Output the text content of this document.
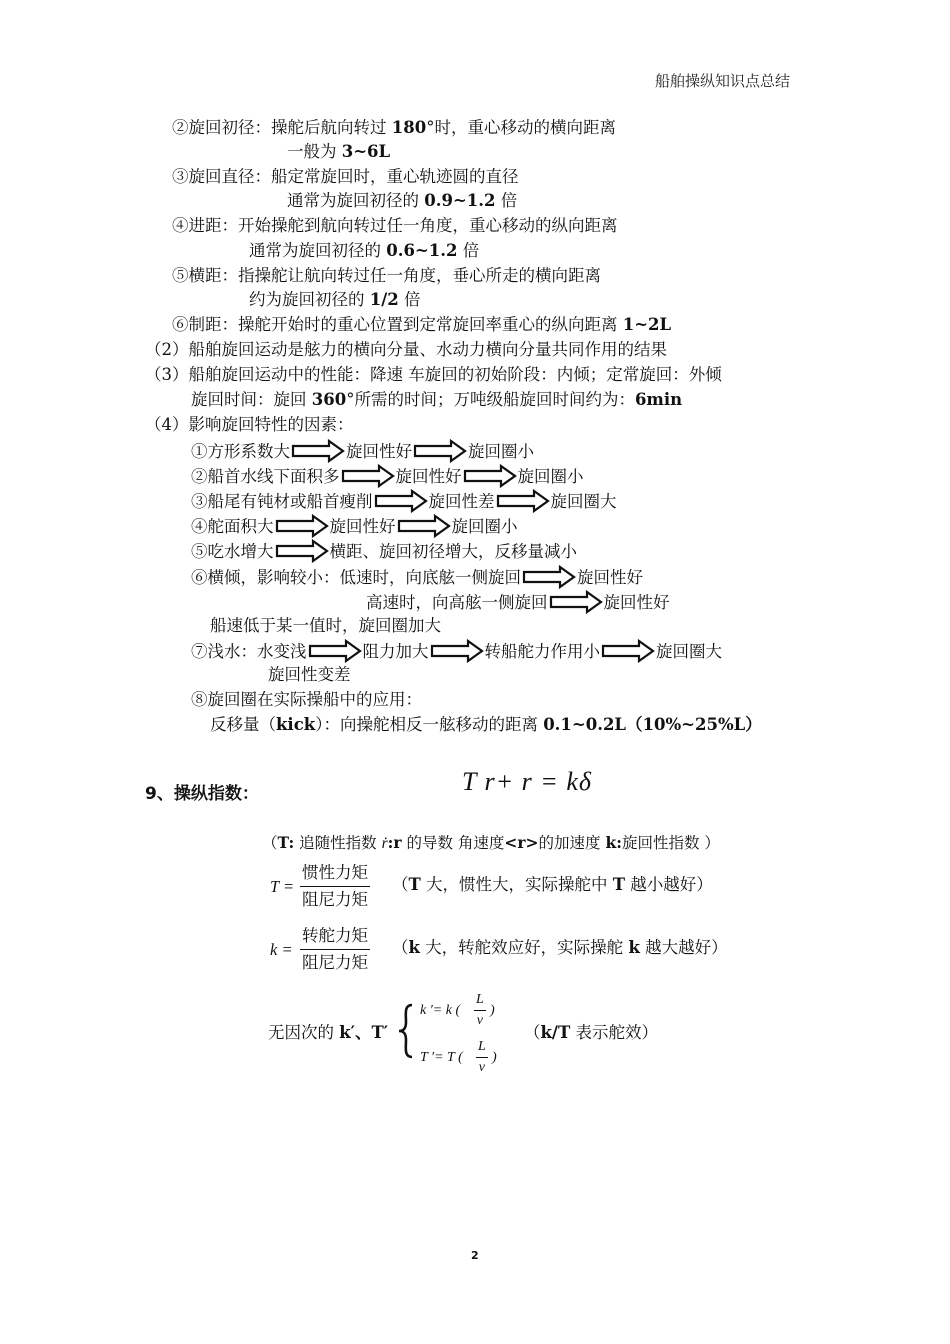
船舶操纵知识点总结
②旋回初径：操舵后航向转过 180°时，重心移动的横向距离
一般为 3~6L
③旋回直径：船定常旋回时，重心轨迹圆的直径
通常为旋回初径的 0.9~1.2 倍
④进距：开始操舵到航向转过任一角度，重心移动的纵向距离
通常为旋回初径的 0.6~1.2 倍
⑤横距：指操舵让航向转过任一角度，垂心所走的横向距离
约为旋回初径的 1/2 倍
⑥制距：操舵开始时的重心位置到定常旋回率重心的纵向距离 1~2L
（2）船舶旋回运动是舷力的横向分量、水动力横向分量共同作用的结果
（3）船舶旋回运动中的性能：降速 车旋回的初始阶段：内倾；定常旋回：外倾
旋回时间：旋回 360°所需的时间；万吨级船旋回时间约为：6min
（4）影响旋回特性的因素：
①方形系数大	旋回性好	旋回圈小
②船首水线下面积多	旋回性好	旋回圈小
③船尾有钝材或船首瘦削	旋回性差	旋回圈大
④舵面积大	旋回性好	旋回圈小
⑤吃水增大	横距、旋回初径增大，反移量减小
⑥横倾，影响较小：低速时，向底舷一侧旋回	旋回性好
高速时，向高舷一侧旋回	旋回性好
船速低于某一值时，旋回圈加大
⑦浅水：水变浅	阻力加大	转船舵力作用小	旋回圈大
旋回性变差
⑧旋回圈在实际操船中的应用：
反移量（kick）：向操舵相反一舷移动的距离 0.1~0.2L（10%~25%L）
9、操纵指数：	T r+ r = kδ
（T: 追随性指数 ṙ:r 的导数 角速度<r>的加速度 k:旋回性指数 ）
T =
惯性力矩
阻尼力矩
（T 大，惯性大，实际操舵中 T 越小越好）
k =
转舵力矩
阻尼力矩
（k 大，转舵效应好，实际操舵 k 越大越好）
无因次的 k′、T′
k ′= k ( $\frac{L}{v}$ )
T ′= T ( $\frac{L}{v}$ )
（k/T 表示舵效）
2
